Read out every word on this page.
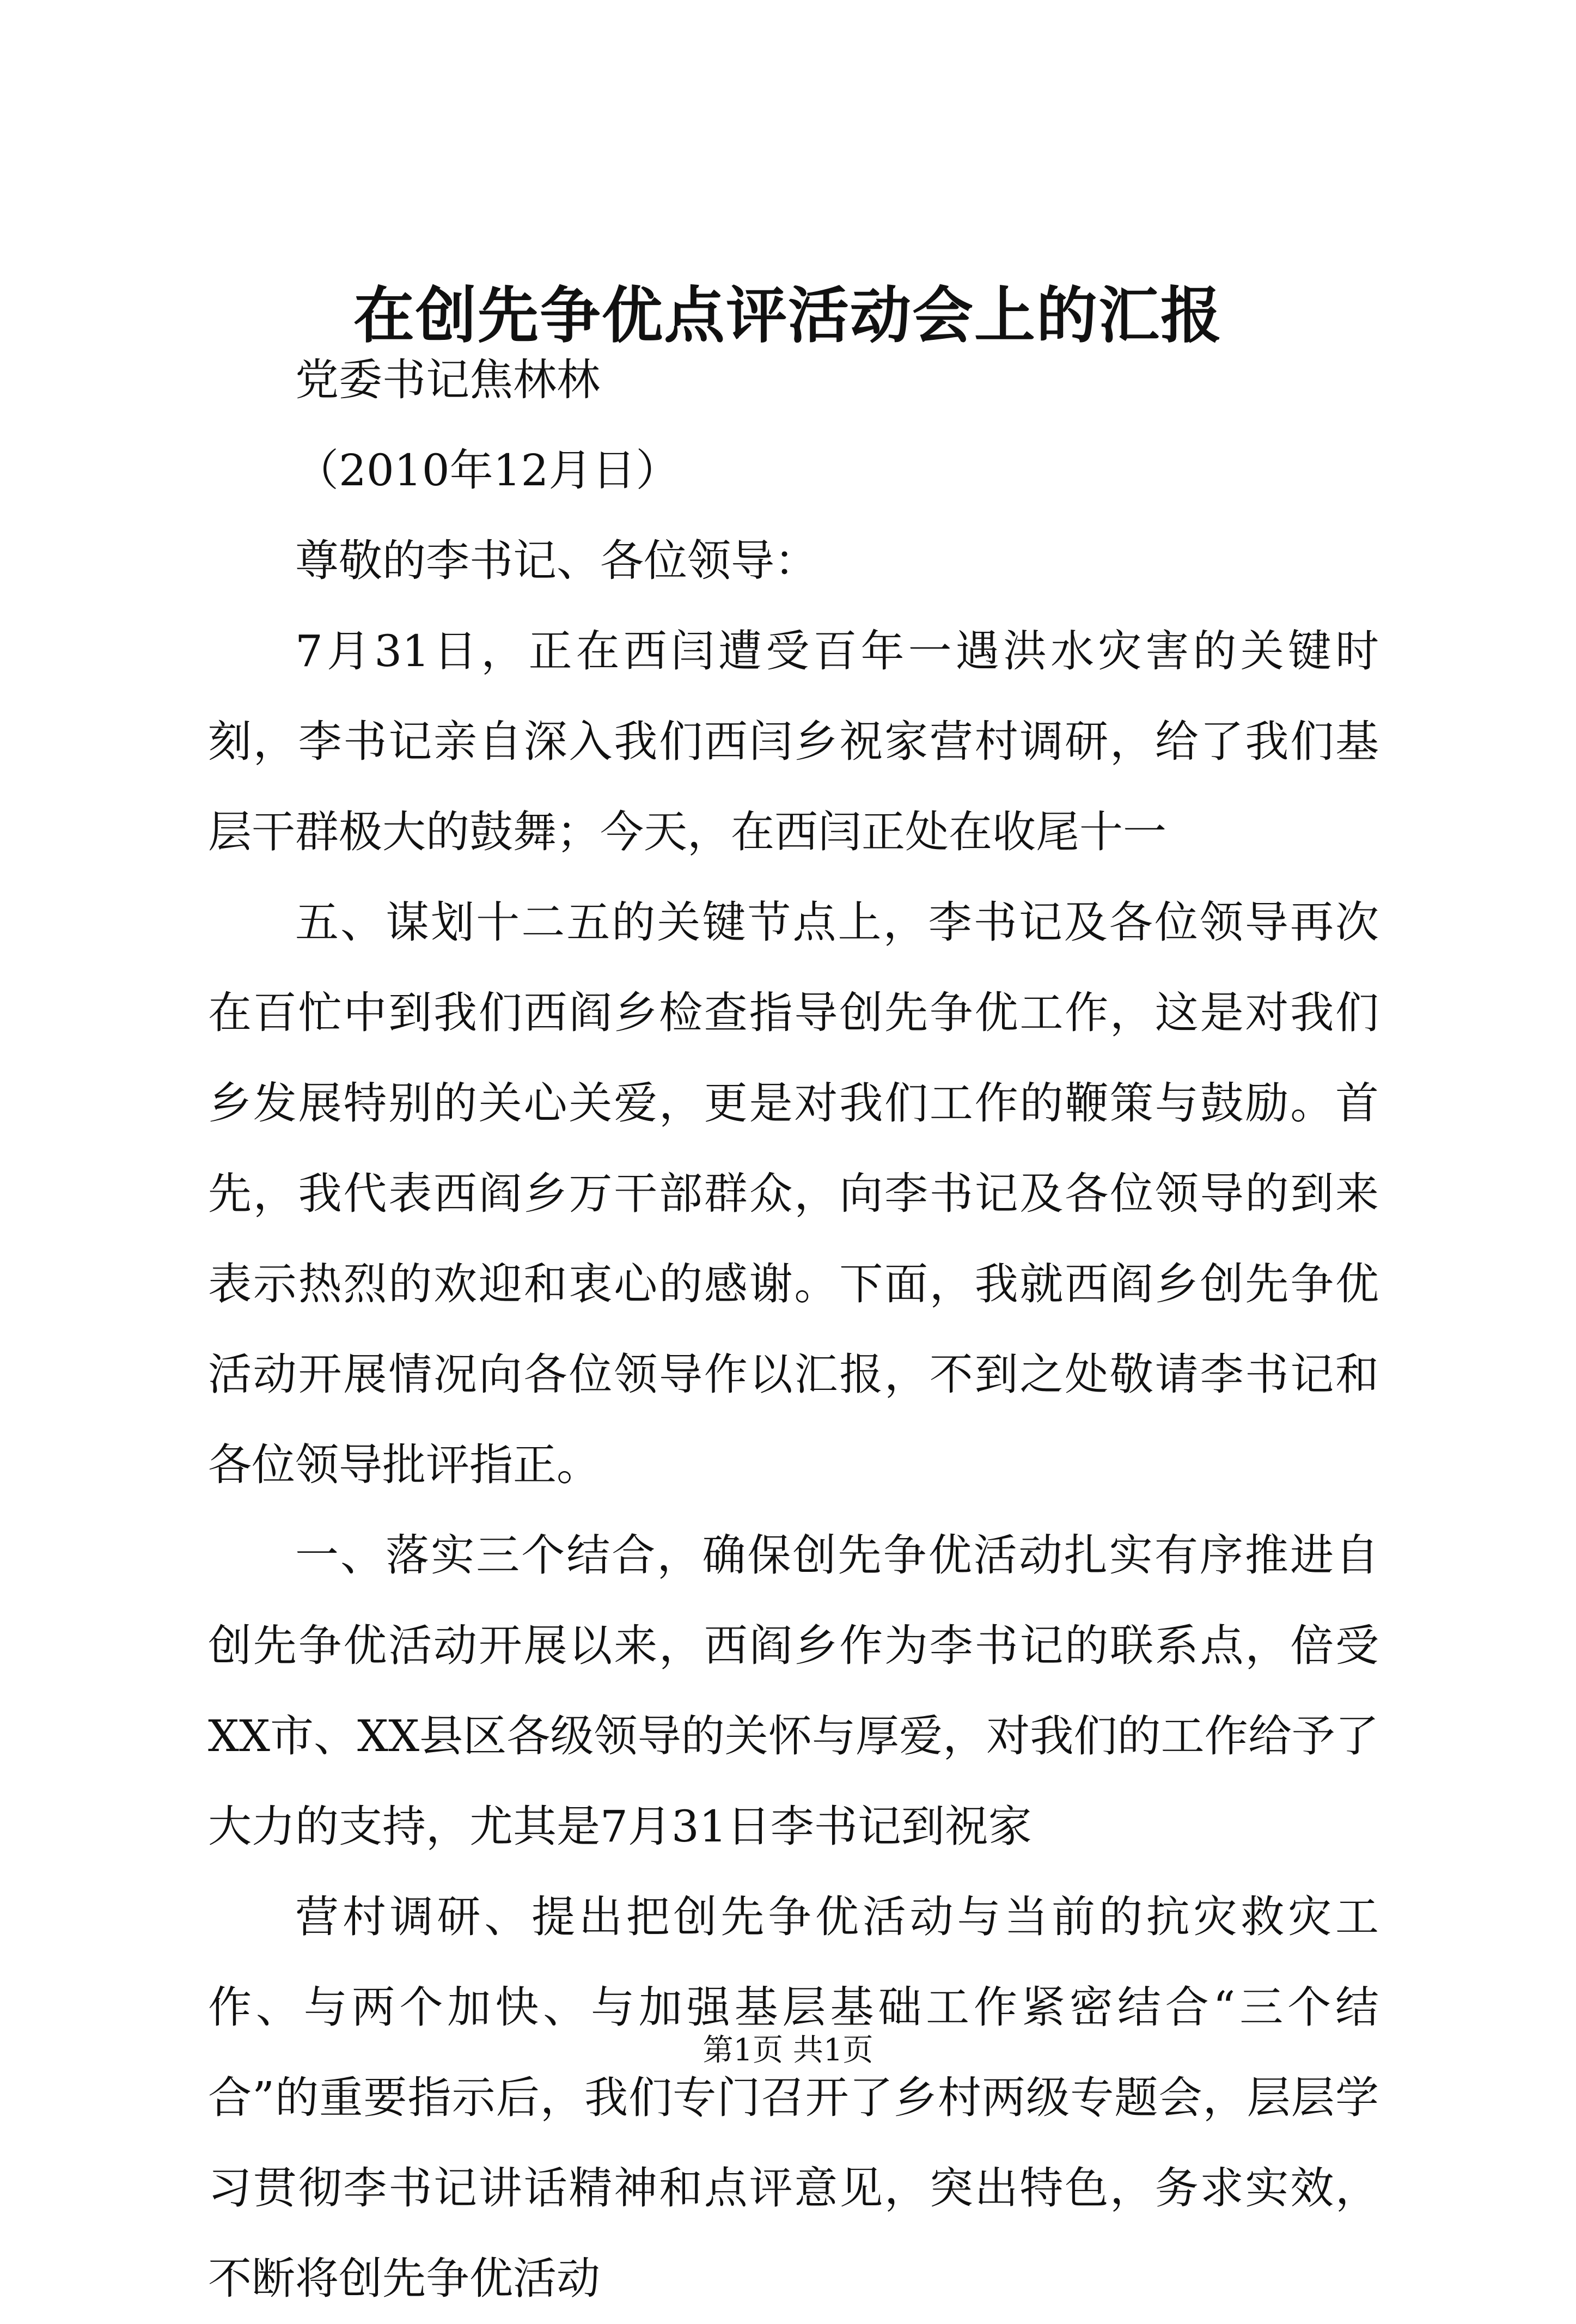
在创先争优点评活动会上的汇报

党委书记焦林林

（2010年12月日）

尊敬的李书记、各位领导：

7月31日，正在西闫遭受百年一遇洪水灾害的关键时刻，李书记亲自深入我们西闫乡祝家营村调研，给了我们基层干群极大的鼓舞；今天，在西闫正处在收尾十一

五、谋划十二五的关键节点上，李书记及各位领导再次在百忙中到我们西阎乡检查指导创先争优工作，这是对我们乡发展特别的关心关爱，更是对我们工作的鞭策与鼓励。首先，我代表西阎乡万干部群众，向李书记及各位领导的到来表示热烈的欢迎和衷心的感谢。下面，我就西阎乡创先争优活动开展情况向各位领导作以汇报，不到之处敬请李书记和各位领导批评指正。

一、落实三个结合，确保创先争优活动扎实有序推进自创先争优活动开展以来，西阎乡作为李书记的联系点，倍受XX市、XX县区各级领导的关怀与厚爱，对我们的工作给予了大力的支持，尤其是7月31日李书记到祝家

营村调研、提出把创先争优活动与当前的抗灾救灾工作、与两个加快、与加强基层基础工作紧密结合“三个结合”的重要指示后，我们专门召开了乡村两级专题会，层层学习贯彻李书记讲话精神和点评意见，突出特色，务求实效，不断将创先争优活动

第1页 共1页
